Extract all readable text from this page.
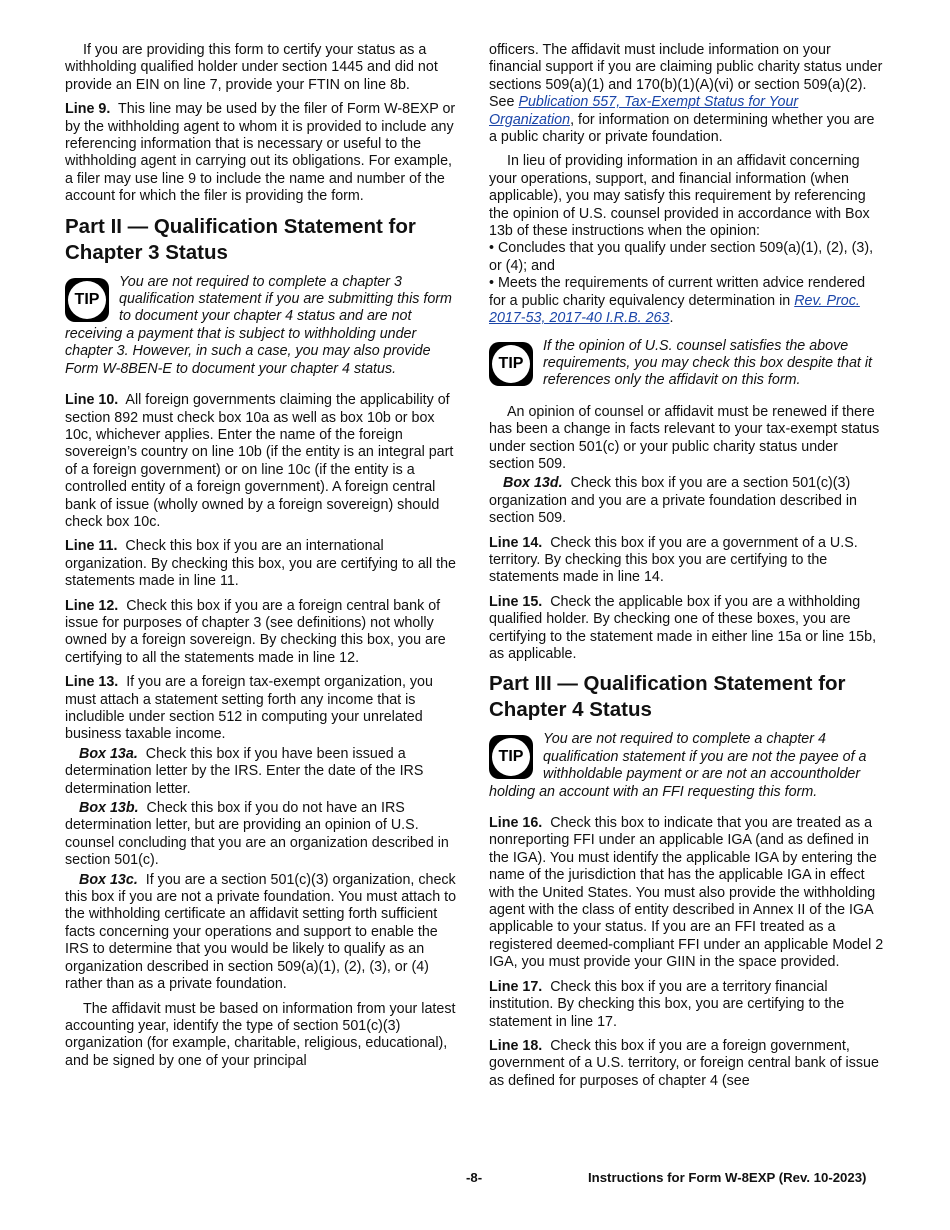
If you are providing this form to certify your status as a withholding qualified holder under section 1445 and did not provide an EIN on line 7, provide your FTIN on line 8b.

Line 9. This line may be used by the filer of Form W-8EXP or by the withholding agent to whom it is provided to include any referencing information that is necessary or useful to the withholding agent in carrying out its obligations. For example, a filer may use line 9 to include the name and number of the account for which the filer is providing the form.

Part II — Qualification Statement for Chapter 3 Status
TIP
You are not required to complete a chapter 3 qualification statement if you are submitting this form to document your chapter 4 status and are not receiving a payment that is subject to withholding under chapter 3. However, in such a case, you may also provide Form W-8BEN-E to document your chapter 4 status.

Line 10. All foreign governments claiming the applicability of section 892 must check box 10a as well as box 10b or box 10c, whichever applies. Enter the name of the foreign sovereign’s country on line 10b (if the entity is an integral part of a foreign government) or on line 10c (if the entity is a controlled entity of a foreign government). A foreign central bank of issue (wholly owned by a foreign sovereign) should check box 10c.

Line 11. Check this box if you are an international organization. By checking this box, you are certifying to all the statements made in line 11.

Line 12. Check this box if you are a foreign central bank of issue for purposes of chapter 3 (see definitions) not wholly owned by a foreign sovereign. By checking this box, you are certifying to all the statements made in line 12.

Line 13. If you are a foreign tax-exempt organization, you must attach a statement setting forth any income that is includible under section 512 in computing your unrelated business taxable income.

Box 13a. Check this box if you have been issued a determination letter by the IRS. Enter the date of the IRS determination letter.

Box 13b. Check this box if you do not have an IRS determination letter, but are providing an opinion of U.S. counsel concluding that you are an organization described in section 501(c).

Box 13c. If you are a section 501(c)(3) organization, check this box if you are not a private foundation. You must attach to the withholding certificate an affidavit setting forth sufficient facts concerning your operations and support to enable the IRS to determine that you would be likely to qualify as an organization described in section 509(a)(1), (2), (3), or (4) rather than as a private foundation.

The affidavit must be based on information from your latest accounting year, identify the type of section 501(c)(3) organization (for example, charitable, religious, educational), and be signed by one of your principal

officers. The affidavit must include information on your financial support if you are claiming public charity status under sections 509(a)(1) and 170(b)(1)(A)(vi) or section 509(a)(2). See Publication 557, Tax-Exempt Status for Your Organization, for information on determining whether you are a public charity or private foundation.

In lieu of providing information in an affidavit concerning your operations, support, and financial information (when applicable), you may satisfy this requirement by referencing the opinion of U.S. counsel provided in accordance with Box 13b of these instructions when the opinion:

• Concludes that you qualify under section 509(a)(1), (2), (3), or (4); and

• Meets the requirements of current written advice rendered for a public charity equivalency determination in Rev. Proc. 2017-53, 2017-40 I.R.B. 263.

TIP
If the opinion of U.S. counsel satisfies the above requirements, you may check this box despite that it references only the affidavit on this form.

An opinion of counsel or affidavit must be renewed if there has been a change in facts relevant to your tax-exempt status under section 501(c) or your public charity status under section 509.

Box 13d. Check this box if you are a section 501(c)(3) organization and you are a private foundation described in section 509.

Line 14. Check this box if you are a government of a U.S. territory. By checking this box you are certifying to the statements made in line 14.

Line 15. Check the applicable box if you are a withholding qualified holder. By checking one of these boxes, you are certifying to the statement made in either line 15a or line 15b, as applicable.

Part III — Qualification Statement for Chapter 4 Status
TIP
You are not required to complete a chapter 4 qualification statement if you are not the payee of a withholdable payment or are not an accountholder holding an account with an FFI requesting this form.

Line 16. Check this box to indicate that you are treated as a nonreporting FFI under an applicable IGA (and as defined in the IGA). You must identify the applicable IGA by entering the name of the jurisdiction that has the applicable IGA in effect with the United States. You must also provide the withholding agent with the class of entity described in Annex II of the IGA applicable to your status. If you are an FFI treated as a registered deemed-compliant FFI under an applicable Model 2 IGA, you must provide your GIIN in the space provided.

Line 17. Check this box if you are a territory financial institution. By checking this box, you are certifying to the statement in line 17.

Line 18. Check this box if you are a foreign government, government of a U.S. territory, or foreign central bank of issue as defined for purposes of chapter 4 (see

-8-	Instructions for Form W-8EXP (Rev. 10-2023)
